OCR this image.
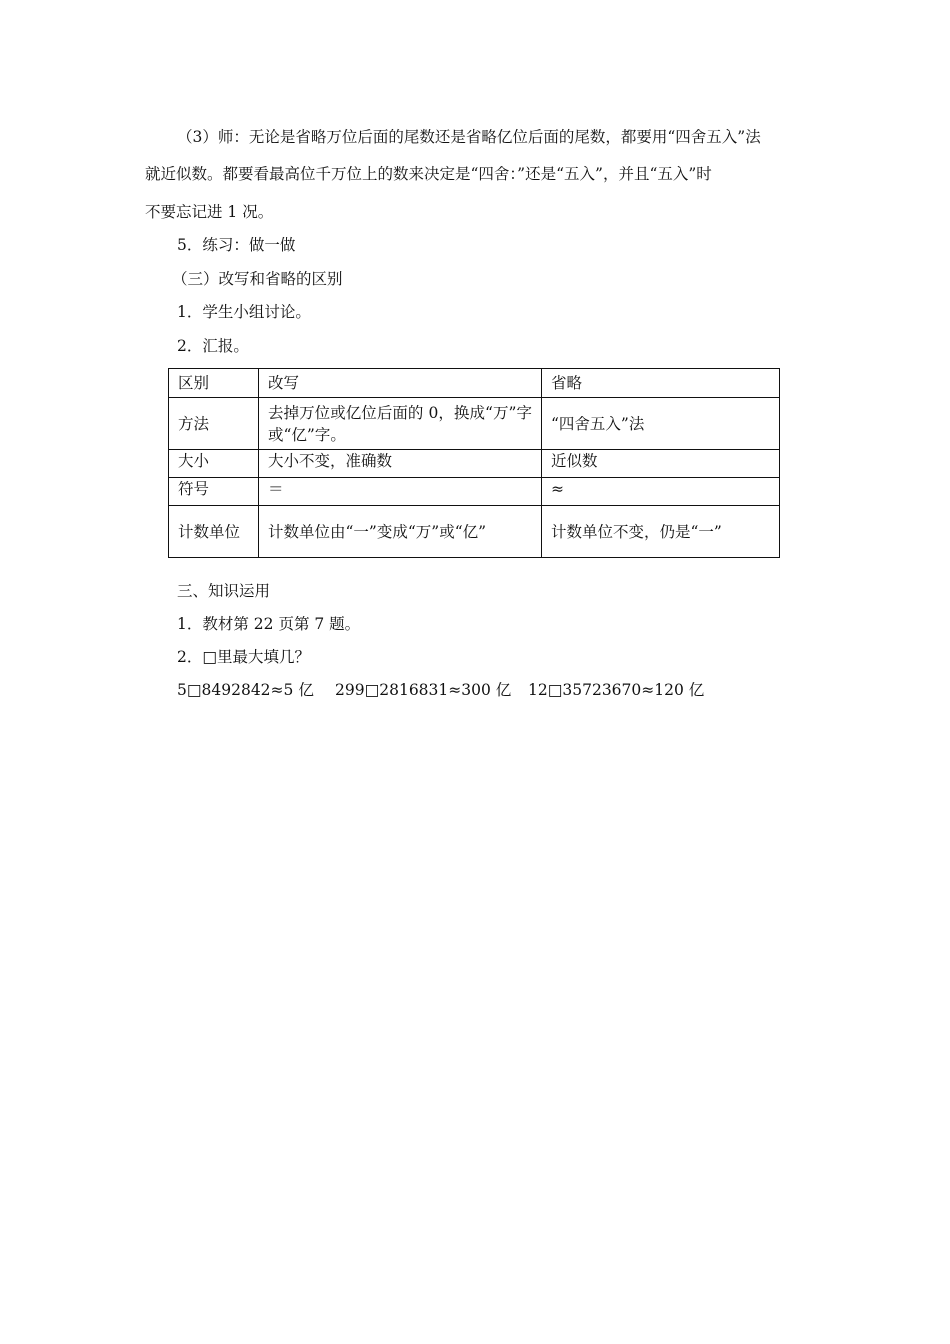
（3）师：无论是省略万位后面的尾数还是省略亿位后面的尾数，都要用“四舍五入”法
就近似数。都要看最高位千万位上的数来决定是“四舍：”还是“五入”，并且“五入”时
不要忘记进 1 况。
5．练习：做一做
（三）改写和省略的区别
1．学生小组讨论。
2．汇报。
区别	改写	省略
方法	去掉万位或亿位后面的 0，换成“万”字或“亿”字。	“四舍五入”法
大小	大小不变，准确数	近似数
符号	＝	≈
计数单位	计数单位由“一”变成“万”或“亿”	计数单位不变，仍是“一”
三、知识运用
1．教材第 22 页第 7 题。
2．□里最大填几？
5□8492842≈5 亿 299□2816831≈300 亿 12□35723670≈120 亿
